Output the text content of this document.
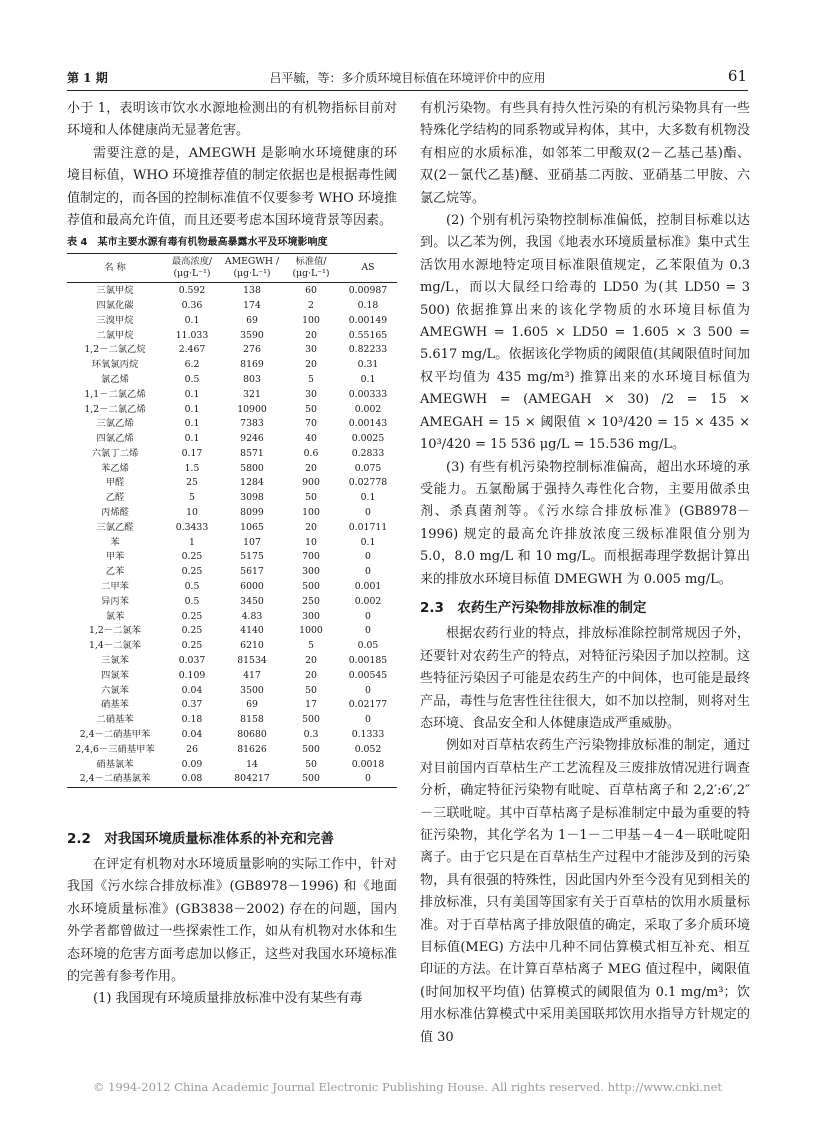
第 1 期	吕平毓，等：多介质环境目标值在环境评价中的应用	61

小于 1，表明该市饮水水源地检测出的有机物指标目前对环境和人体健康尚无显著危害。

需要注意的是，AMEGWH 是影响水环境健康的环境目标值，WHO 环境推荐值的制定依据也是根据毒性阈值制定的，而各国的控制标准值不仅要参考 WHO 环境推荐值和最高允许值，而且还要考虑本国环境背景等因素。

表 4　某市主要水源有毒有机物最高暴露水平及环境影响度
名 称	最高浓度/ (μg·L⁻¹)	AMEGWH / (μg·L⁻¹)	标准值/ (μg·L⁻¹)	AS
三氯甲烷	0.592	138	60	0.00987
四氯化碳	0.36	174	2	0.18
三溴甲烷	0.1	69	100	0.00149
二氯甲烷	11.033	3590	20	0.55165
1,2－二氯乙烷	2.467	276	30	0.82233
环氧氯丙烷	6.2	8169	20	0.31
氯乙烯	0.5	803	5	0.1
1,1－二氯乙烯	0.1	321	30	0.00333
1,2－二氯乙烯	0.1	10900	50	0.002
三氯乙烯	0.1	7383	70	0.00143
四氯乙烯	0.1	9246	40	0.0025
六氯丁二烯	0.17	8571	0.6	0.2833
苯乙烯	1.5	5800	20	0.075
甲醛	25	1284	900	0.02778
乙醛	5	3098	50	0.1
丙烯醛	10	8099	100	0
三氯乙醛	0.3433	1065	20	0.01711
苯	1	107	10	0.1
甲苯	0.25	5175	700	0
乙苯	0.25	5617	300	0
二甲苯	0.5	6000	500	0.001
异丙苯	0.5	3450	250	0.002
氯苯	0.25	4.83	300	0
1,2－二氯苯	0.25	4140	1000	0
1,4－二氯苯	0.25	6210	5	0.05
三氯苯	0.037	81534	20	0.00185
四氯苯	0.109	417	20	0.00545
六氯苯	0.04	3500	50	0
硝基苯	0.37	69	17	0.02177
二硝基苯	0.18	8158	500	0
2,4－二硝基甲苯	0.04	80680	0.3	0.1333
2,4,6－三硝基甲苯	26	81626	500	0.052
硝基氯苯	0.09	14	50	0.0018
2,4－二硝基氯苯	0.08	804217	500	0

2.2　对我国环境质量标准体系的补充和完善

在评定有机物对水环境质量影响的实际工作中，针对我国《污水综合排放标准》(GB8978－1996) 和《地面水环境质量标准》(GB3838－2002) 存在的问题，国内外学者都曾做过一些探索性工作，如从有机物对水体和生态环境的危害方面考虑加以修正，这些对我国水环境标准的完善有参考作用。

(1) 我国现有环境质量排放标准中没有某些有毒

有机污染物。有些具有持久性污染的有机污染物具有一些特殊化学结构的同系物或异构体，其中，大多数有机物没有相应的水质标准，如邻苯二甲酸双(2－乙基己基)酯、双(2－氯代乙基)醚、亚硝基二丙胺、亚硝基二甲胺、六氯乙烷等。

(2) 个别有机污染物控制标准偏低，控制目标难以达到。以乙苯为例，我国《地表水环境质量标准》集中式生活饮用水源地特定项目标准限值规定，乙苯限值为 0.3 mg/L，而以大鼠经口给毒的 LD50 为(其 LD50 = 3 500) 依据推算出来的该化学物质的水环境目标值为 AMEGWH = 1.605 × LD50 = 1.605 × 3 500 = 5.617 mg/L。依据该化学物质的阈限值(其阈限值时间加权平均值为 435 mg/m³) 推算出来的水环境目标值为 AMEGWH = (AMEGAH × 30) /2 = 15 × AMEGAH = 15 × 阈限值 × 10³/420 = 15 × 435 × 10³/420 = 15 536 μg/L = 15.536 mg/L。

(3) 有些有机污染物控制标准偏高，超出水环境的承受能力。五氯酚属于强持久毒性化合物，主要用做杀虫剂、杀真菌剂等。《污水综合排放标准》(GB8978－1996) 规定的最高允许排放浓度三级标准限值分别为 5.0，8.0 mg/L 和 10 mg/L。而根据毒理学数据计算出来的排放水环境目标值 DMEGWH 为 0.005 mg/L。

2.3　农药生产污染物排放标准的制定

根据农药行业的特点，排放标准除控制常规因子外，还要针对农药生产的特点，对特征污染因子加以控制。这些特征污染因子可能是农药生产的中间体，也可能是最终产品，毒性与危害性往往很大，如不加以控制，则将对生态环境、食品安全和人体健康造成严重威胁。

例如对百草枯农药生产污染物排放标准的制定，通过对目前国内百草枯生产工艺流程及三废排放情况进行调查分析，确定特征污染物有吡啶、百草枯离子和 2,2′:6′,2″－三联吡啶。其中百草枯离子是标准制定中最为重要的特征污染物，其化学名为 1－1－二甲基－4－4－联吡啶阳离子。由于它只是在百草枯生产过程中才能涉及到的污染物，具有很强的特殊性，因此国内外至今没有见到相关的排放标准，只有美国等国家有关于百草枯的饮用水质量标准。对于百草枯离子排放限值的确定，采取了多介质环境目标值(MEG) 方法中几种不同估算模式相互补充、相互印证的方法。在计算百草枯离子 MEG 值过程中，阈限值(时间加权平均值) 估算模式的阈限值为 0.1 mg/m³；饮用水标准估算模式中采用美国联邦饮用水指导方针规定的值 30

© 1994-2012 China Academic Journal Electronic Publishing House. All rights reserved. http://www.cnki.net
